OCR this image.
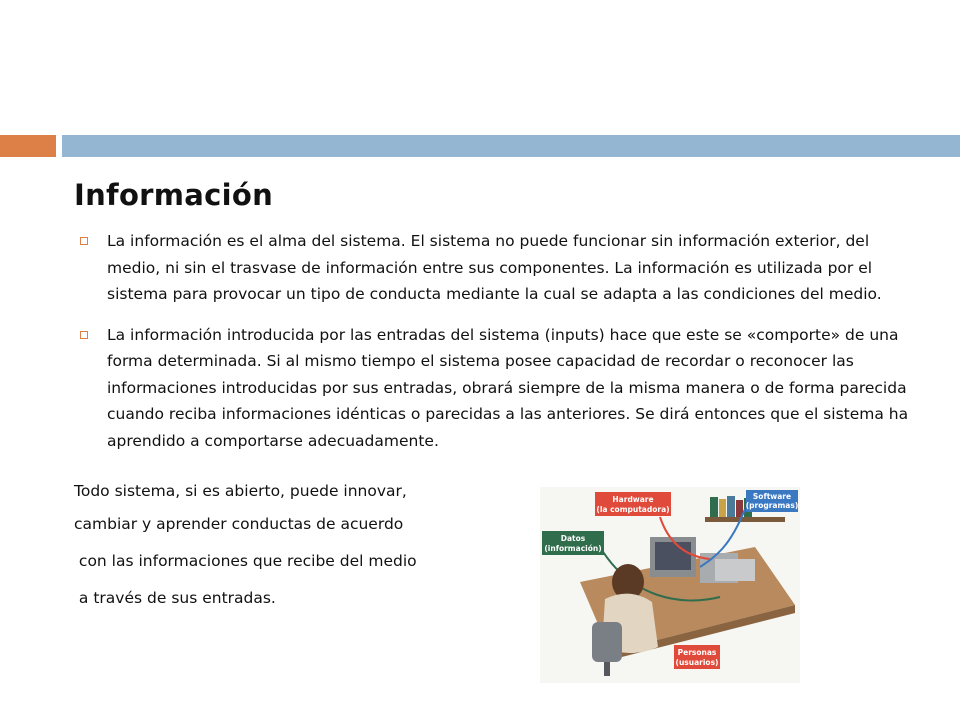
Información
La información es el alma del sistema. El sistema no puede funcionar sin información exterior, del medio, ni sin el trasvase de información entre sus componentes. La información es utilizada por el sistema para provocar un tipo de conducta mediante la cual se adapta a las condiciones del medio.
La información introducida por las entradas del sistema (inputs) hace que este se «comporte» de una forma determinada. Si al mismo tiempo el sistema posee capacidad de recordar o reconocer las informaciones introducidas por sus entradas, obrará siempre de la misma manera o de forma parecida cuando reciba informaciones idénticas o parecidas a las anteriores. Se dirá entonces que el sistema ha aprendido a comportarse adecuadamente.
Todo sistema, si es abierto, puede innovar,
cambiar y aprender conductas de acuerdo
con las informaciones que recibe del medio
a través de sus entradas.
Hardware
(la computadora)
Software
(programas)
Datos
(información)
Personas
(usuarios)
